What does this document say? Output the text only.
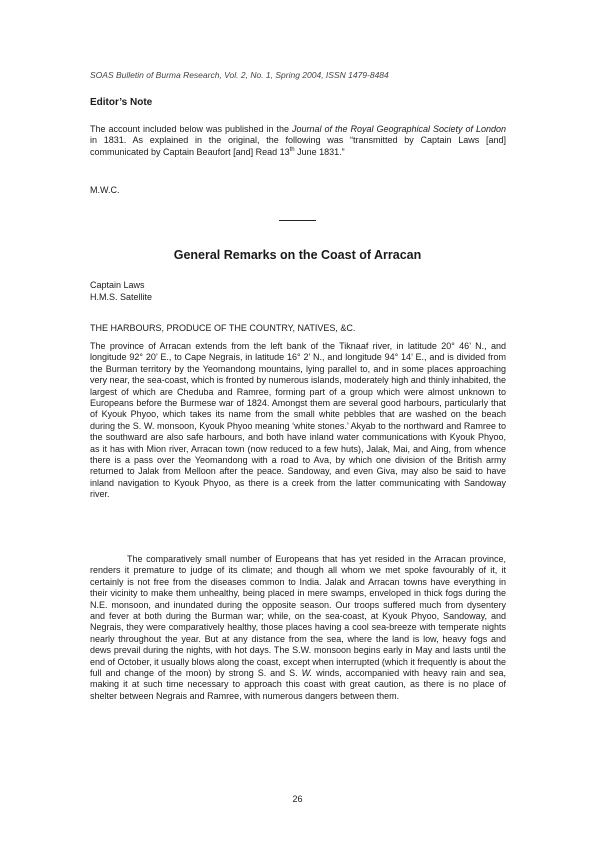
SOAS Bulletin of Burma Research, Vol. 2, No. 1, Spring 2004, ISSN 1479-8484
Editor’s Note
The account included below was published in the Journal of the Royal Geographical Society of London in 1831. As explained in the original, the following was “transmitted by Captain Laws [and] communicated by Captain Beaufort [and] Read 13th June 1831.”
M.W.C.
General Remarks on the Coast of Arracan
Captain Laws
H.M.S. Satellite
THE HARBOURS, PRODUCE OF THE COUNTRY, NATIVES, &C.

The province of Arracan extends from the left bank of the Tiknaaf river, in latitude 20° 46’ N., and longitude 92° 20’ E., to Cape Negrais, in latitude 16° 2’ N., and longitude 94° 14’ E., and is divided from the Burman territory by the Yeomandong mountains, lying parallel to, and in some places approaching very near, the sea-coast, which is fronted by numerous islands, moderately high and thinly inhabited, the largest of which are Cheduba and Ramree, forming part of a group which were almost unknown to Europeans before the Burmese war of 1824. Amongst them are several good harbours, particularly that of Kyouk Phyoo, which takes its name from the small white pebbles that are washed on the beach during the S. W. monsoon, Kyouk Phyoo meaning ‘white stones.’ Akyab to the northward and Ramree to the southward are also safe harbours, and both have inland water communications with Kyouk Phyoo, as it has with Mion river, Arracan town (now reduced to a few huts), Jalak, Mai, and Aing, from whence there is a pass over the Yeomandong with a road to Ava, by which one division of the British army returned to Jalak from Melloon after the peace. Sandoway, and even Giva, may also be said to have inland navigation to Kyouk Phyoo, as there is a creek from the latter communicating with Sandoway river.

The comparatively small number of Europeans that has yet resided in the Arracan province, renders it premature to judge of its climate; and though all whom we met spoke favourably of it, it certainly is not free from the diseases common to India. Jalak and Arracan towns have everything in their vicinity to make them unhealthy, being placed in mere swamps, enveloped in thick fogs during the N.E. monsoon, and inundated during the opposite season. Our troops suffered much from dysentery and fever at both during the Burman war; while, on the sea-coast, at Kyouk Phyoo, Sandoway, and Negrais, they were comparatively healthy, those places having a cool sea-breeze with temperate nights nearly throughout the year. But at any distance from the sea, where the land is low, heavy fogs and dews prevail during the nights, with hot days. The S.W. monsoon begins early in May and lasts until the end of October, it usually blows along the coast, except when interrupted (which it frequently is about the full and change of the moon) by strong S. and S. W. winds, accompanied with heavy rain and sea, making it at such time necessary to approach this coast with great caution, as there is no place of shelter between Negrais and Ramree, with numerous dangers between them.

26
